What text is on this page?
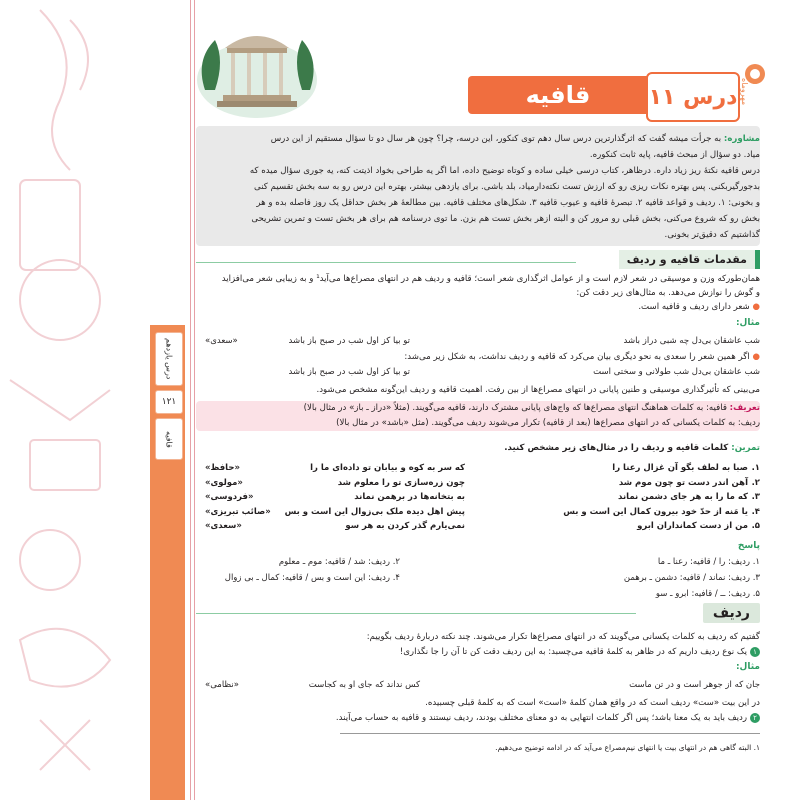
درس یازدهم
۱۲۱
قافیه
درس ۱۱
قافیه	مهروماه
مشاوره: به جرأت میشه گفت که اثرگذارترین درس سال دهم توی کنکور، این درسه، چرا؟ چون هر سال دو تا سؤال مستقیم از این درس
میاد. دو سؤال از مبحث قافیه، پایه ثابت کنکوره.
درس قافیه نکتهٔ ریز زیاد داره. درظاهر، کتاب درسی خیلی ساده و کوتاه توضیح داده، اما اگر یه طراحی بخواد اذیتت کنه، یه جوری سؤال میده که
بدجورگیربکنی. پس بهتره نکات ریزی رو که ارزش تست نکته‌دارمیاد، بلد باشی. برای یازدهی بیشتر، بهتره این درس رو به سه بخش تقسیم کنی
و بخونی: ۱. ردیف و قواعد قافیه ۲. تبصرهٔ قافیه و عیوب قافیه ۳. شکل‌های مختلف قافیه. بین مطالعهٔ هر بخش حداقل یک روز فاصله بده و هر
بخش رو که شروع می‌کنی، بخش قبلی رو مرور کن و البته ازهر بخش تست هم بزن. ما توی درسنامه هم برای هر بخش تست و تمرین تشریحی
گذاشتیم که دقیق‌تر بخونی.
مقدمات قافیه و ردیف
همان‌طورکه وزن و موسیقی در شعر لازم است و از عوامل اثرگذاری شعر است؛ قافیه و ردیف هم در انتهای مصراع‌ها می‌آید¹ و به زیبایی شعر می‌افزاید
و گوش را نوازش می‌دهد. به مثال‌های زیر دقت کن:
● شعر دارای ردیف و قافیه است.
مثال:
شب عاشقان بی‌دل چه شبی دراز باشد
تو بیا کز اول شب در صبح باز باشد
«سعدی»
● اگر همین شعر را سعدی به نحو دیگری بیان می‌کرد که قافیه و ردیف نداشت، به شکل زیر می‌شد:
شب عاشقان بی‌دل شب طولانی و سختی است
تو بیا کز اول شب در صبح باز باشد
می‌بینی که تأثیرگذاری موسیقی و طنین پایانی در انتهای مصراع‌ها از بین رفت. اهمیت قافیه و ردیف این‌گونه مشخص می‌شود.
تعریف: قافیه: به کلمات هماهنگ انتهای مصراع‌ها که واج‌های پایانی مشترک دارند، قافیه می‌گویند. (مثلاً «دراز ـ باز» در مثال بالا)
ردیف: به کلمات یکسانی که در انتهای مصراع‌ها (بعد از قافیه) تکرار می‌شوند ردیف می‌گویند. (مثل «باشد» در مثال بالا)
تمرین: کلمات قافیه و ردیف را در مثال‌های زیر مشخص کنید.
۱.
صبا به لطف بگو آن غزال رعنا را
که سر به کوه و بیابان تو داده‌ای ما را
«حافظ»
۲.
آهن اندر دست تو چون موم شد
چون زره‌سازی تو را معلوم شد
«مولوی»
۳.
که ما را به هر جای دشمن نماند
به بتخانه‌ها در برهمن نماند
«فردوسی»
۴.
یا مَنه از حدّ خود بیرون کمال این است و بس
پیش اهل دیده ملک بی‌زوال این است و بس
«صائب تبریزی»
۵.
من از دست کمانداران ابرو
نمی‌یارم گذر کردن به هر سو
«سعدی»
پاسخ
۱. ردیف: را / قافیه: رعنا ـ ما
۲. ردیف: شد / قافیه: موم ـ معلوم
۳. ردیف: نماند / قافیه: دشمن ـ برهمن
۴. ردیف: این است و بس / قافیه: کمال ـ بی زوال
۵. ردیف: ــ / قافیه: ابرو ـ سو
ردیف
گفتیم که ردیف به کلمات یکسانی می‌گویند که در انتهای مصراع‌ها تکرار می‌شوند. چند نکته دربارهٔ ردیف بگوییم:
۱یک نوع ردیف داریم که در ظاهر به کلمهٔ قافیه می‌چسبد: به این ردیف دقت کن تا آن را جا نگذاری!
مثال:
جان که از جوهر است و در تن ماست
کس نداند که جای او به کجاست
«نظامی»
در این بیت «ست» ردیف است که در واقع همان کلمهٔ «است» است که به کلمهٔ قبلی چسبیده.
۲ردیف باید به یک معنا باشد؛ پس اگر کلمات انتهایی به دو معنای مختلف بودند، ردیف نیستند و قافیه به حساب می‌آیند.
۱. البته گاهی هم در انتهای بیت یا انتهای نیم‌مصراع می‌آید که در ادامه توضیح می‌دهیم.
